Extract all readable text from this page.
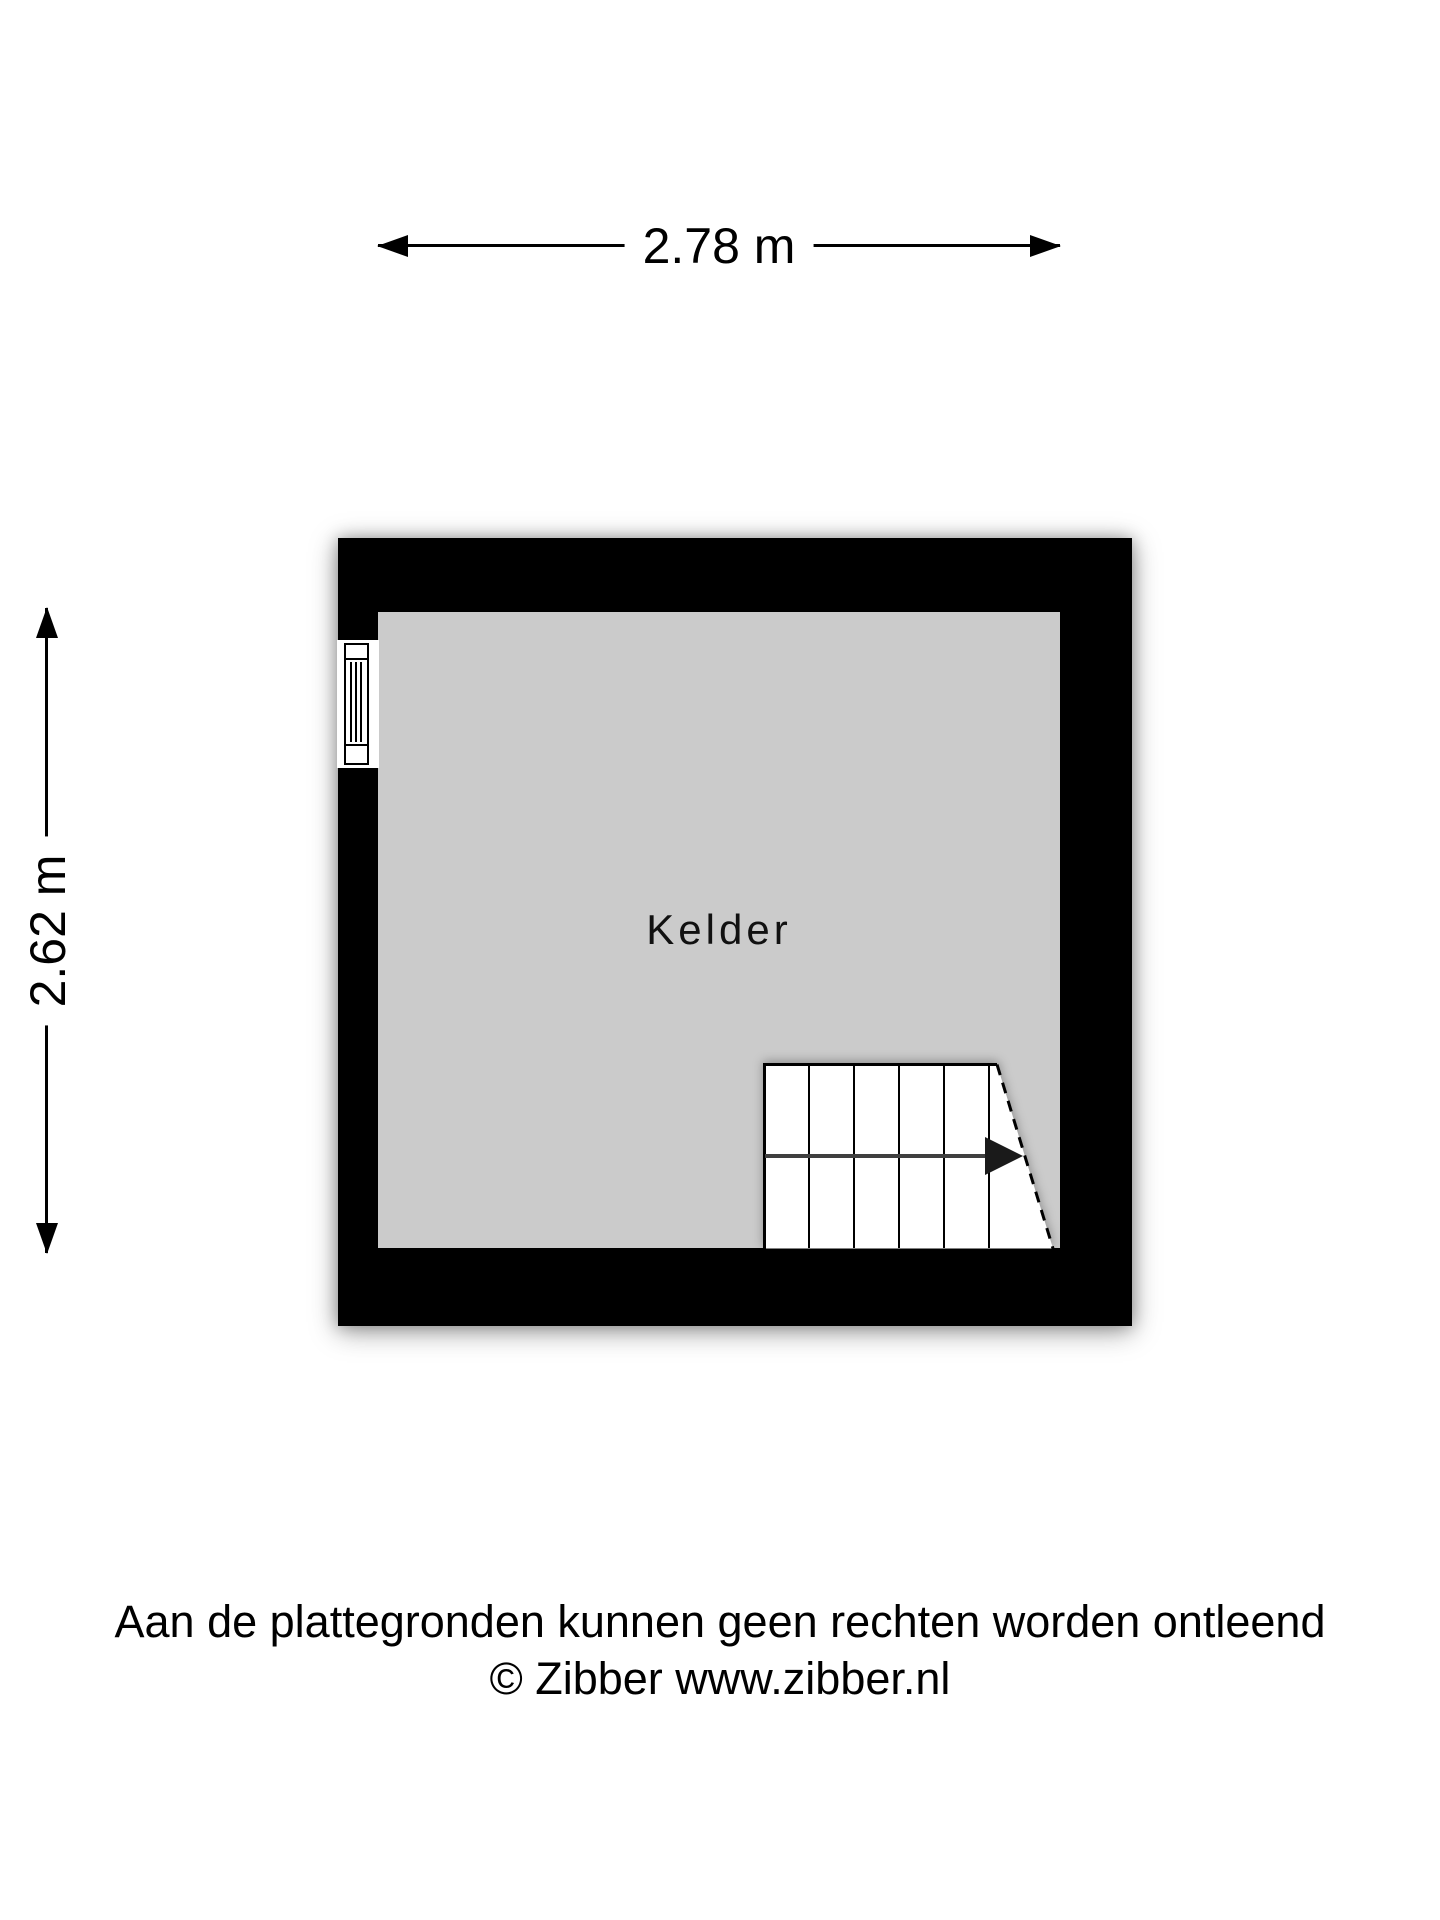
2.78 m
2.62 m	Kelder
Aan de plattegronden kunnen geen rechten worden ontleend
© Zibber www.zibber.nl
